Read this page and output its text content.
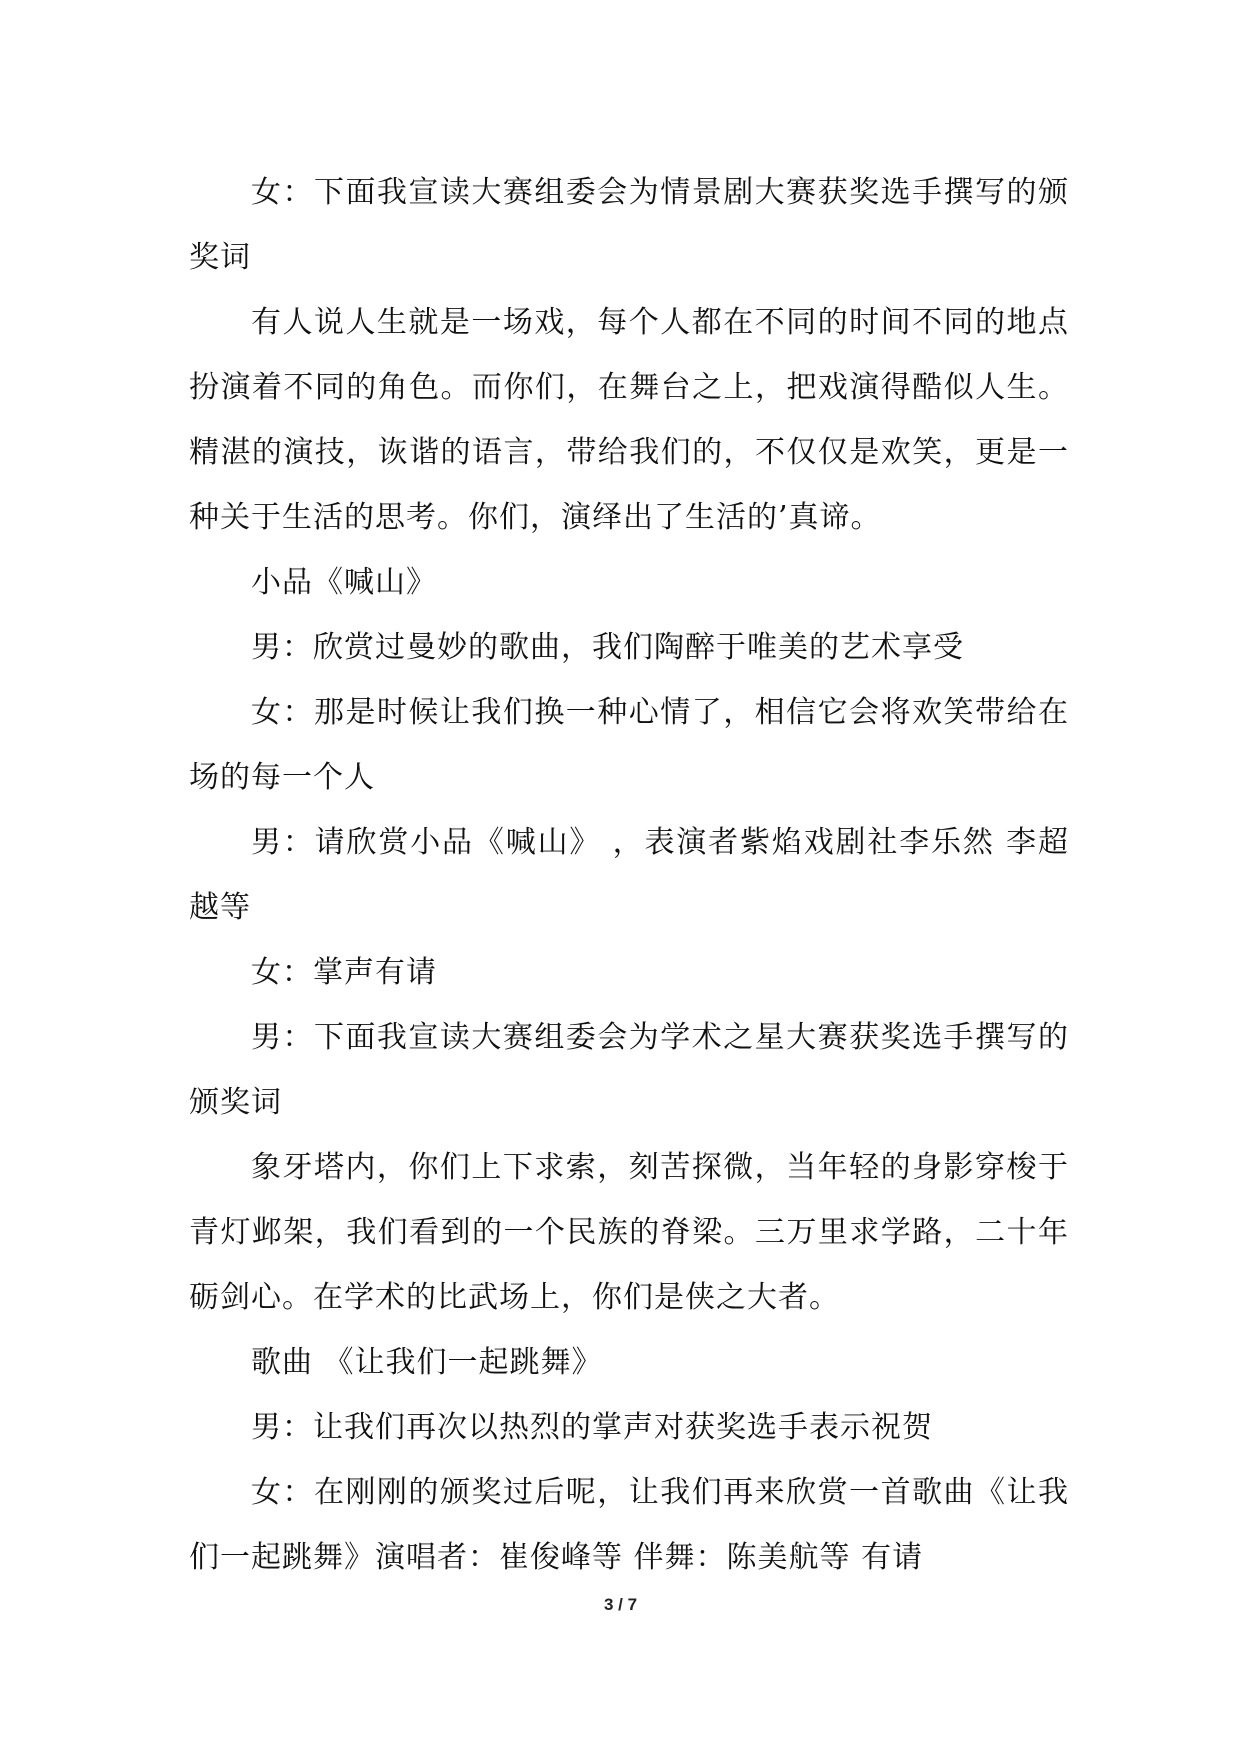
女：下面我宣读大赛组委会为情景剧大赛获奖选手撰写的颁奖词

有人说人生就是一场戏，每个人都在不同的时间不同的地点扮演着不同的角色。而你们，在舞台之上，把戏演得酷似人生。精湛的演技，诙谐的语言，带给我们的，不仅仅是欢笑，更是一种关于生活的思考。你们，演绎出了生活的’真谛。

小品《喊山》

男：欣赏过曼妙的歌曲，我们陶醉于唯美的艺术享受

女：那是时候让我们换一种心情了，相信它会将欢笑带给在场的每一个人

男：请欣赏小品《喊山》 ，表演者紫焰戏剧社李乐然 李超越等

女：掌声有请

男：下面我宣读大赛组委会为学术之星大赛获奖选手撰写的颁奖词

象牙塔内，你们上下求索，刻苦探微，当年轻的身影穿梭于青灯邺架，我们看到的一个民族的脊梁。三万里求学路，二十年砺剑心。在学术的比武场上，你们是侠之大者。

歌曲 《让我们一起跳舞》

男：让我们再次以热烈的掌声对获奖选手表示祝贺

女：在刚刚的颁奖过后呢，让我们再来欣赏一首歌曲《让我们一起跳舞》演唱者：崔俊峰等 伴舞：陈美航等 有请

3 / 7
